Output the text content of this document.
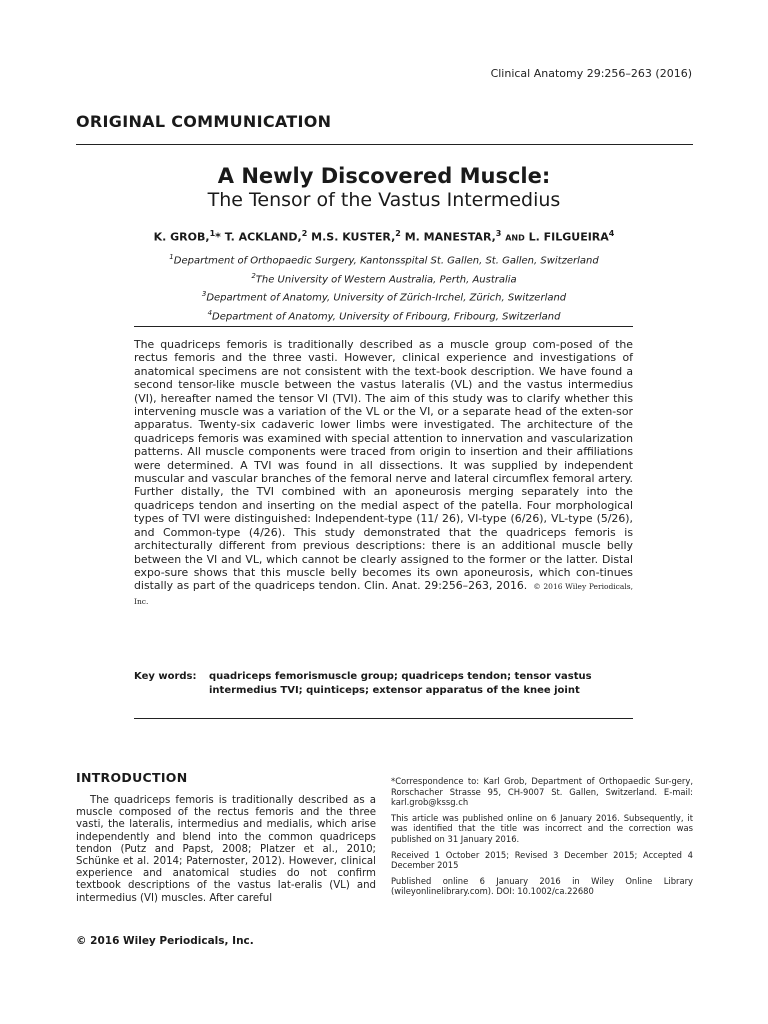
Clinical Anatomy 29:256–263 (2016)
ORIGINAL COMMUNICATION
A Newly Discovered Muscle:
The Tensor of the Vastus Intermedius
K. GROB,$^1$* T. ACKLAND,$^2$ M.S. KUSTER,$^2$ M. MANESTAR,$^3$ AND L. FILGUEIRA$^4$
$^1$Department of Orthopaedic Surgery, Kantonsspital St. Gallen, St. Gallen, Switzerland
$^2$The University of Western Australia, Perth, Australia
$^3$Department of Anatomy, University of Zürich-Irchel, Zürich, Switzerland
$^4$Department of Anatomy, University of Fribourg, Fribourg, Switzerland
The quadriceps femoris is traditionally described as a muscle group com-posed of the rectus femoris and the three vasti. However, clinical experience and investigations of anatomical specimens are not consistent with the text-book description. We have found a second tensor-like muscle between the vastus lateralis (VL) and the vastus intermedius (VI), hereafter named the tensor VI (TVI). The aim of this study was to clarify whether this intervening muscle was a variation of the VL or the VI, or a separate head of the exten-sor apparatus. Twenty-six cadaveric lower limbs were investigated. The architecture of the quadriceps femoris was examined with special attention to innervation and vascularization patterns. All muscle components were traced from origin to insertion and their affiliations were determined. A TVI was found in all dissections. It was supplied by independent muscular and vascular branches of the femoral nerve and lateral circumflex femoral artery. Further distally, the TVI combined with an aponeurosis merging separately into the quadriceps tendon and inserting on the medial aspect of the patella. Four morphological types of TVI were distinguished: Independent-type (11/ 26), VI-type (6/26), VL-type (5/26), and Common-type (4/26). This study demonstrated that the quadriceps femoris is architecturally different from previous descriptions: there is an additional muscle belly between the VI and VL, which cannot be clearly assigned to the former or the latter. Distal expo-sure shows that this muscle belly becomes its own aponeurosis, which con-tinues distally as part of the quadriceps tendon. Clin. Anat. 29:256–263, 2016. © 2016 Wiley Periodicals, Inc.
Key words:	quadriceps femorismuscle group; quadriceps tendon; tensor vastus intermedius TVI; quinticeps; extensor apparatus of the knee joint
INTRODUCTION
The quadriceps femoris is traditionally described as a muscle composed of the rectus femoris and the three vasti, the lateralis, intermedius and medialis, which arise independently and blend into the common quadriceps tendon (Putz and Papst, 2008; Platzer et al., 2010; Schünke et al. 2014; Paternoster, 2012). However, clinical experience and anatomical studies do not confirm textbook descriptions of the vastus lat-eralis (VL) and intermedius (VI) muscles. After careful

*Correspondence to: Karl Grob, Department of Orthopaedic Sur-gery, Rorschacher Strasse 95, CH-9007 St. Gallen, Switzerland. E-mail: karl.grob@kssg.ch

This article was published online on 6 January 2016. Subsequently, it was identified that the title was incorrect and the correction was published on 31 January 2016.

Received 1 October 2015; Revised 3 December 2015; Accepted 4 December 2015

Published online 6 January 2016 in Wiley Online Library (wileyonlinelibrary.com). DOI: 10.1002/ca.22680

© 2016 Wiley Periodicals, Inc.
